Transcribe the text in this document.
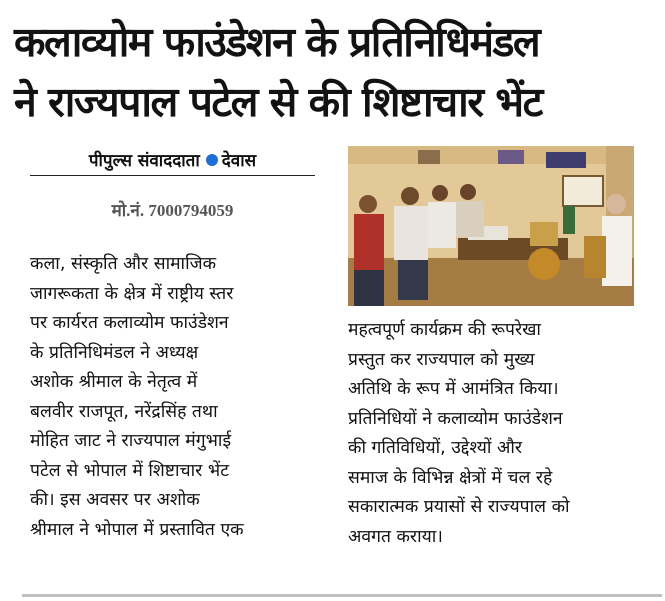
कलाव्योम फाउंडेशन के प्रतिनिधिमंडल
ने राज्यपाल पटेल से की शिष्टाचार भेंट
पीपुल्स संवाददाता देवास
मो.नं. 7000794059
कला, संस्कृति और सामाजिक
जागरूकता के क्षेत्र में राष्ट्रीय स्तर
पर कार्यरत कलाव्योम फाउंडेशन
के प्रतिनिधिमंडल ने अध्यक्ष
अशोक श्रीमाल के नेतृत्व में
बलवीर राजपूत, नरेंद्रसिंह तथा
मोहित जाट ने राज्यपाल मंगुभाई
पटेल से भोपाल में शिष्टाचार भेंट
की। इस अवसर पर अशोक
श्रीमाल ने भोपाल में प्रस्तावित एक
महत्वपूर्ण कार्यक्रम की रूपरेखा
प्रस्तुत कर राज्यपाल को मुख्य
अतिथि के रूप में आमंत्रित किया।
प्रतिनिधियों ने कलाव्योम फाउंडेशन
की गतिविधियों, उद्देश्यों और
समाज के विभिन्न क्षेत्रों में चल रहे
सकारात्मक प्रयासों से राज्यपाल को
अवगत कराया।
